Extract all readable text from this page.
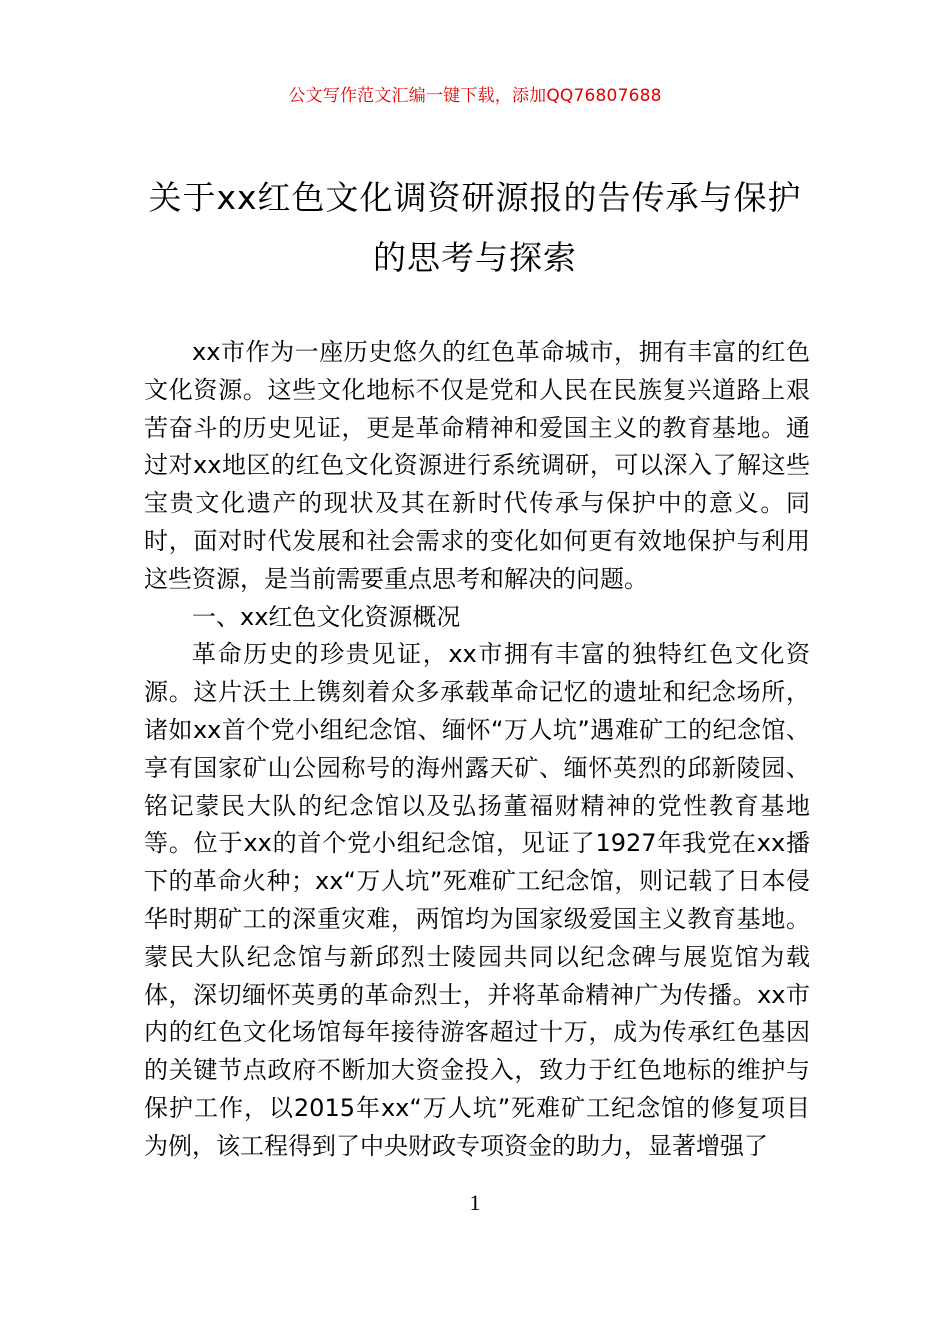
公文写作范文汇编一键下载，添加QQ76807688
关于xx红色文化调资研源报的告传承与保护的思考与探索

xx市作为一座历史悠久的红色革命城市，拥有丰富的红色文化资源。这些文化地标不仅是党和人民在民族复兴道路上艰苦奋斗的历史见证，更是革命精神和爱国主义的教育基地。通过对xx地区的红色文化资源进行系统调研，可以深入了解这些宝贵文化遗产的现状及其在新时代传承与保护中的意义。同时，面对时代发展和社会需求的变化如何更有效地保护与利用这些资源，是当前需要重点思考和解决的问题。

一、xx红色文化资源概况

革命历史的珍贵见证，xx市拥有丰富的独特红色文化资源。这片沃土上镌刻着众多承载革命记忆的遗址和纪念场所，诸如xx首个党小组纪念馆、缅怀“万人坑”遇难矿工的纪念馆、享有国家矿山公园称号的海州露天矿、缅怀英烈的邱新陵园、铭记蒙民大队的纪念馆以及弘扬董福财精神的党性教育基地等。位于xx的首个党小组纪念馆，见证了1927年我党在xx播下的革命火种；xx“万人坑”死难矿工纪念馆，则记载了日本侵华时期矿工的深重灾难，两馆均为国家级爱国主义教育基地。蒙民大队纪念馆与新邱烈士陵园共同以纪念碑与展览馆为载体，深切缅怀英勇的革命烈士，并将革命精神广为传播。xx市内的红色文化场馆每年接待游客超过十万，成为传承红色基因的关键节点政府不断加大资金投入，致力于红色地标的维护与保护工作，以2015年xx“万人坑”死难矿工纪念馆的修复项目为例，该工程得到了中央财政专项资金的助力，显著增强了

1
